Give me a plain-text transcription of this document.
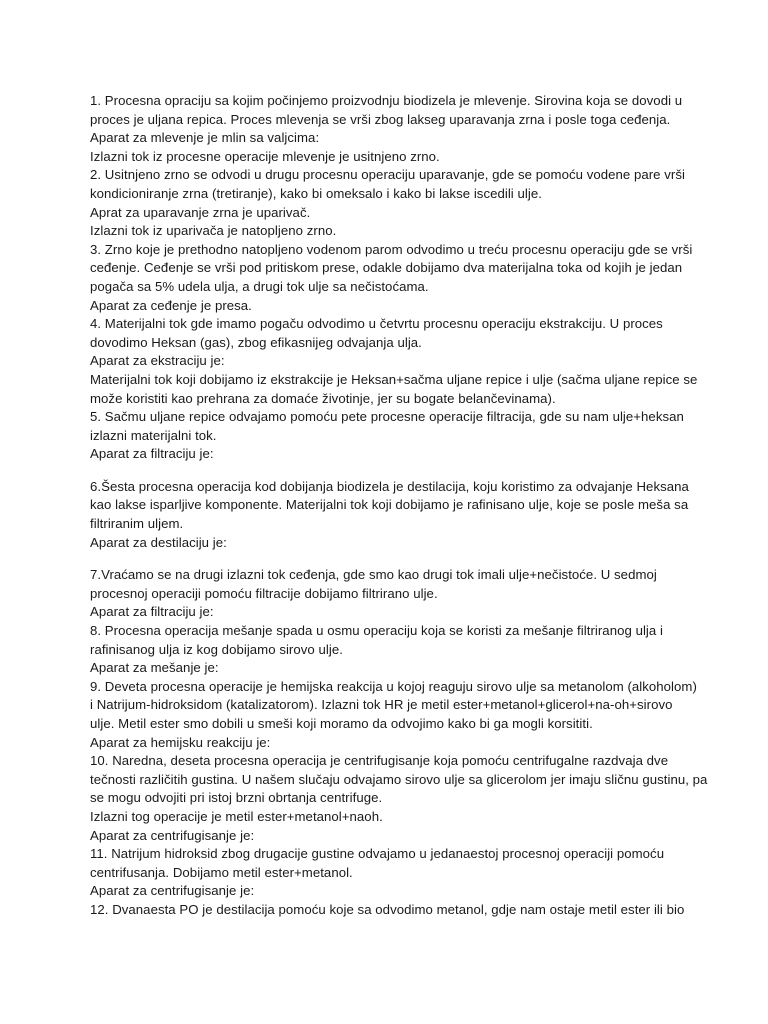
1. Procesna opraciju sa kojim počinjemo proizvodnju biodizela je mlevenje. Sirovina koja se dovodi u
proces je uljana repica. Proces mlevenja se vrši zbog lakseg uparavanja zrna i posle toga ceđenja.
Aparat za mlevenje je mlin sa valjcima:
Izlazni tok iz procesne operacije mlevenje je usitnjeno zrno.
2. Usitnjeno zrno se odvodi u drugu procesnu operaciju uparavanje, gde se pomoću vodene pare vrši
kondicioniranje zrna (tretiranje), kako bi omeksalo i kako bi lakse iscedili ulje.
Aprat za uparavanje zrna je uparivač.
Izlazni tok iz uparivača je natopljeno zrno.
3. Zrno koje je prethodno natopljeno vodenom parom odvodimo u treću procesnu operaciju gde se vrši
ceđenje. Ceđenje se vrši pod pritiskom prese, odakle dobijamo dva materijalna toka od kojih je jedan
pogača sa 5% udela ulja, a drugi tok ulje sa nečistoćama.
Aparat za ceđenje je presa.
4. Materijalni tok gde imamo pogaču odvodimo u četvrtu procesnu operaciju ekstrakciju. U proces
dovodimo Heksan (gas), zbog efikasnijeg odvajanja ulja.
Aparat za ekstraciju je:
Materijalni tok koji dobijamo iz ekstrakcije je Heksan+sačma uljane repice i ulje (sačma uljane repice se
može koristiti kao prehrana za domaće životinje, jer su bogate belančevinama).
5. Sačmu uljane repice odvajamo pomoću pete procesne operacije filtracija, gde su nam ulje+heksan
izlazni materijalni tok.
Aparat za filtraciju je:
6.Šesta procesna operacija kod dobijanja biodizela je destilacija, koju koristimo za odvajanje Heksana
kao lakse isparljive komponente. Materijalni tok koji dobijamo je rafinisano ulje, koje se posle meša sa
filtriranim uljem.
Aparat za destilaciju je:
7.Vraćamo se na drugi izlazni tok ceđenja, gde smo kao drugi tok imali ulje+nečistoće. U sedmoj
procesnoj operaciji pomoću filtracije dobijamo filtrirano ulje.
Aparat za filtraciju je:
8. Procesna operacija mešanje spada u osmu operaciju koja se koristi za mešanje filtriranog ulja i
rafinisanog ulja iz kog dobijamo sirovo ulje.
Aparat za mešanje je:
9. Deveta procesna operacije je hemijska reakcija u kojoj reaguju sirovo ulje sa metanolom (alkoholom)
i Natrijum-hidroksidom (katalizatorom). Izlazni tok HR je metil ester+metanol+glicerol+na-oh+sirovo
ulje. Metil ester smo dobili u smeši koji moramo da odvojimo kako bi ga mogli korsititi.
Aparat za hemijsku reakciju je:
10. Naredna, deseta procesna operacija je centrifugisanje koja pomoću centrifugalne razdvaja dve
tečnosti različitih gustina. U našem slučaju odvajamo sirovo ulje sa glicerolom jer imaju sličnu gustinu, pa
se mogu odvojiti pri istoj brzni obrtanja centrifuge.
Izlazni tog operacije je metil ester+metanol+naoh.
Aparat za centrifugisanje je:
11. Natrijum hidroksid zbog drugacije gustine odvajamo u jedanaestoj procesnoj operaciji pomoću
centrifusanja. Dobijamo metil ester+metanol.
Aparat za centrifugisanje je:
12. Dvanaesta PO je destilacija pomoću koje sa odvodimo metanol, gdje nam ostaje metil ester ili bio
